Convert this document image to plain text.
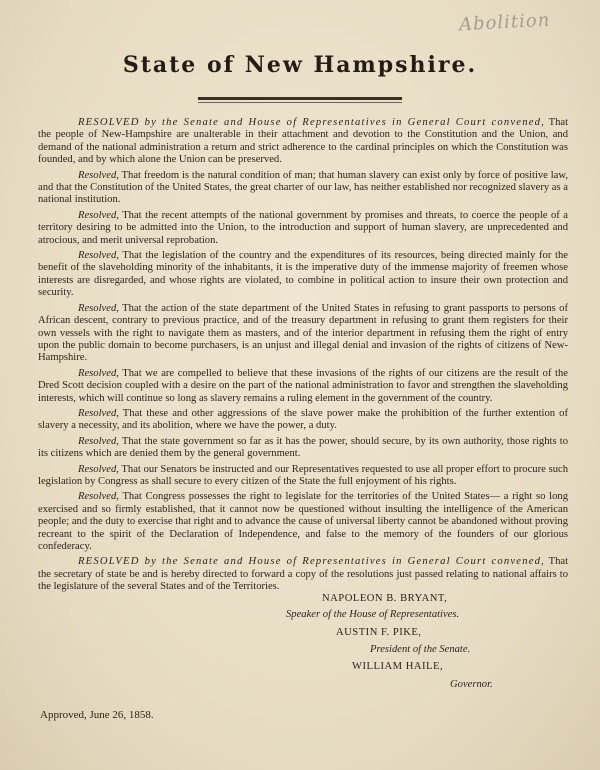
Abolition
State of New Hampshire.

RESOLVED by the Senate and House of Representatives in General Court convened, That the people of New-Hampshire are unalterable in their attachment and devotion to the Constitution and the Union, and demand of the national administration a return and strict adherence to the cardinal principles on which the Constitution was founded, and by which alone the Union can be preserved.

Resolved, That freedom is the natural condition of man; that human slavery can exist only by force of positive law, and that the Constitution of the United States, the great charter of our law, has neither established nor recognized slavery as a national institution.

Resolved, That the recent attempts of the national government by promises and threats, to coerce the people of a territory desiring to be admitted into the Union, to the introduction and support of human slavery, are unprecedented and atrocious, and merit universal reprobation.

Resolved, That the legislation of the country and the expenditures of its resources, being directed mainly for the benefit of the slaveholding minority of the inhabitants, it is the imperative duty of the immense majority of freemen whose interests are disregarded, and whose rights are violated, to combine in political action to insure their own protection and security.

Resolved, That the action of the state department of the United States in refusing to grant passports to persons of African descent, contrary to previous practice, and of the treasury department in refusing to grant them registers for their own vessels with the right to navigate them as masters, and of the interior department in refusing them the right of entry upon the public domain to become purchasers, is an unjust and illegal denial and invasion of the rights of citizens of New-Hampshire.

Resolved, That we are compelled to believe that these invasions of the rights of our citizens are the result of the Dred Scott decision coupled with a desire on the part of the national administration to favor and strengthen the slaveholding interests, which will continue so long as slavery remains a ruling element in the government of the country.

Resolved, That these and other aggressions of the slave power make the prohibition of the further extention of slavery a necessity, and its abolition, where we have the power, a duty.

Resolved, That the state government so far as it has the power, should secure, by its own authority, those rights to its citizens which are denied them by the general government.

Resolved, That our Senators be instructed and our Representatives requested to use all proper effort to procure such legislation by Congress as shall secure to every citizen of the State the full enjoyment of his rights.

Resolved, That Congress possesses the right to legislate for the territories of the United States— a right so long exercised and so firmly established, that it cannot now be questioned without insulting the intelligence of the American people; and the duty to exercise that right and to advance the cause of universal liberty cannot be abandoned without proving recreant to the spirit of the Declaration of Independence, and false to the memory of the founders of our glorious confederacy.

RESOLVED by the Senate and House of Representatives in General Court convened, That the secretary of state be and is hereby directed to forward a copy of the resolutions just passed relating to national affairs to the legislature of the several States and of the Territories.

NAPOLEON B. BRYANT,
Speaker of the House of Representatives.
AUSTIN F. PIKE,
President of the Senate.
WILLIAM HAILE,
Governor.
Approved, June 26, 1858.
